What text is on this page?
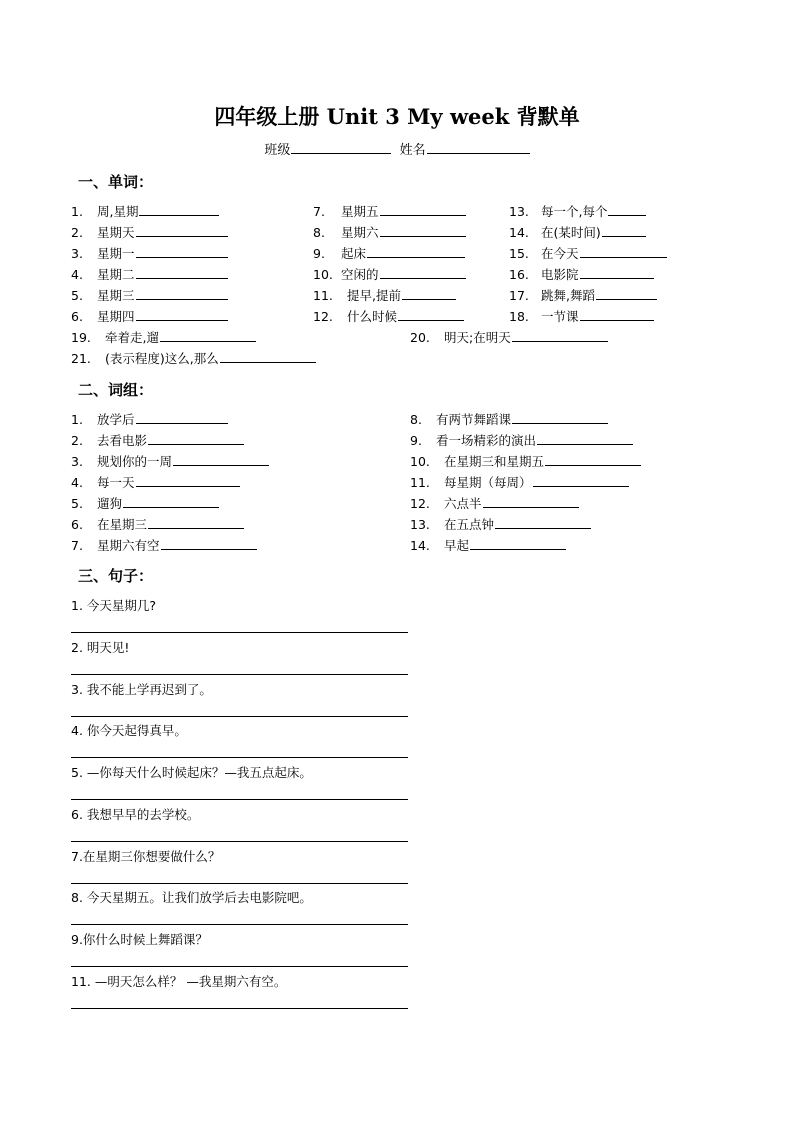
四年级上册 Unit 3 My week 背默单
班级	姓名
一、单词：
1. 周,星期
2. 星期天
3. 星期一
4. 星期二
5. 星期三
6. 星期四
7. 星期五
8. 星期六
9. 起床
10. 空闲的
11. 提早,提前
12. 什么时候
13. 每一个,每个
14. 在(某时间)
15. 在今天
16. 电影院
17. 跳舞,舞蹈
18. 一节课
19. 牵着走,遛	20. 明天;在明天
21. (表示程度)这么,那么
二、词组：
1. 放学后
2. 去看电影
3. 规划你的一周
4. 每一天
5. 遛狗
6. 在星期三
7. 星期六有空
8. 有两节舞蹈课
9. 看一场精彩的演出
10. 在星期三和星期五
11. 每星期（每周）
12. 六点半
13. 在五点钟
14. 早起
三、句子：
1. 今天星期几?
2. 明天见!
3. 我不能上学再迟到了。
4. 你今天起得真早。
5. —你每天什么时候起床？—我五点起床。
6. 我想早早的去学校。
7.在星期三你想要做什么？
8. 今天星期五。让我们放学后去电影院吧。
9.你什么时候上舞蹈课？
11. —明天怎么样？ —我星期六有空。
